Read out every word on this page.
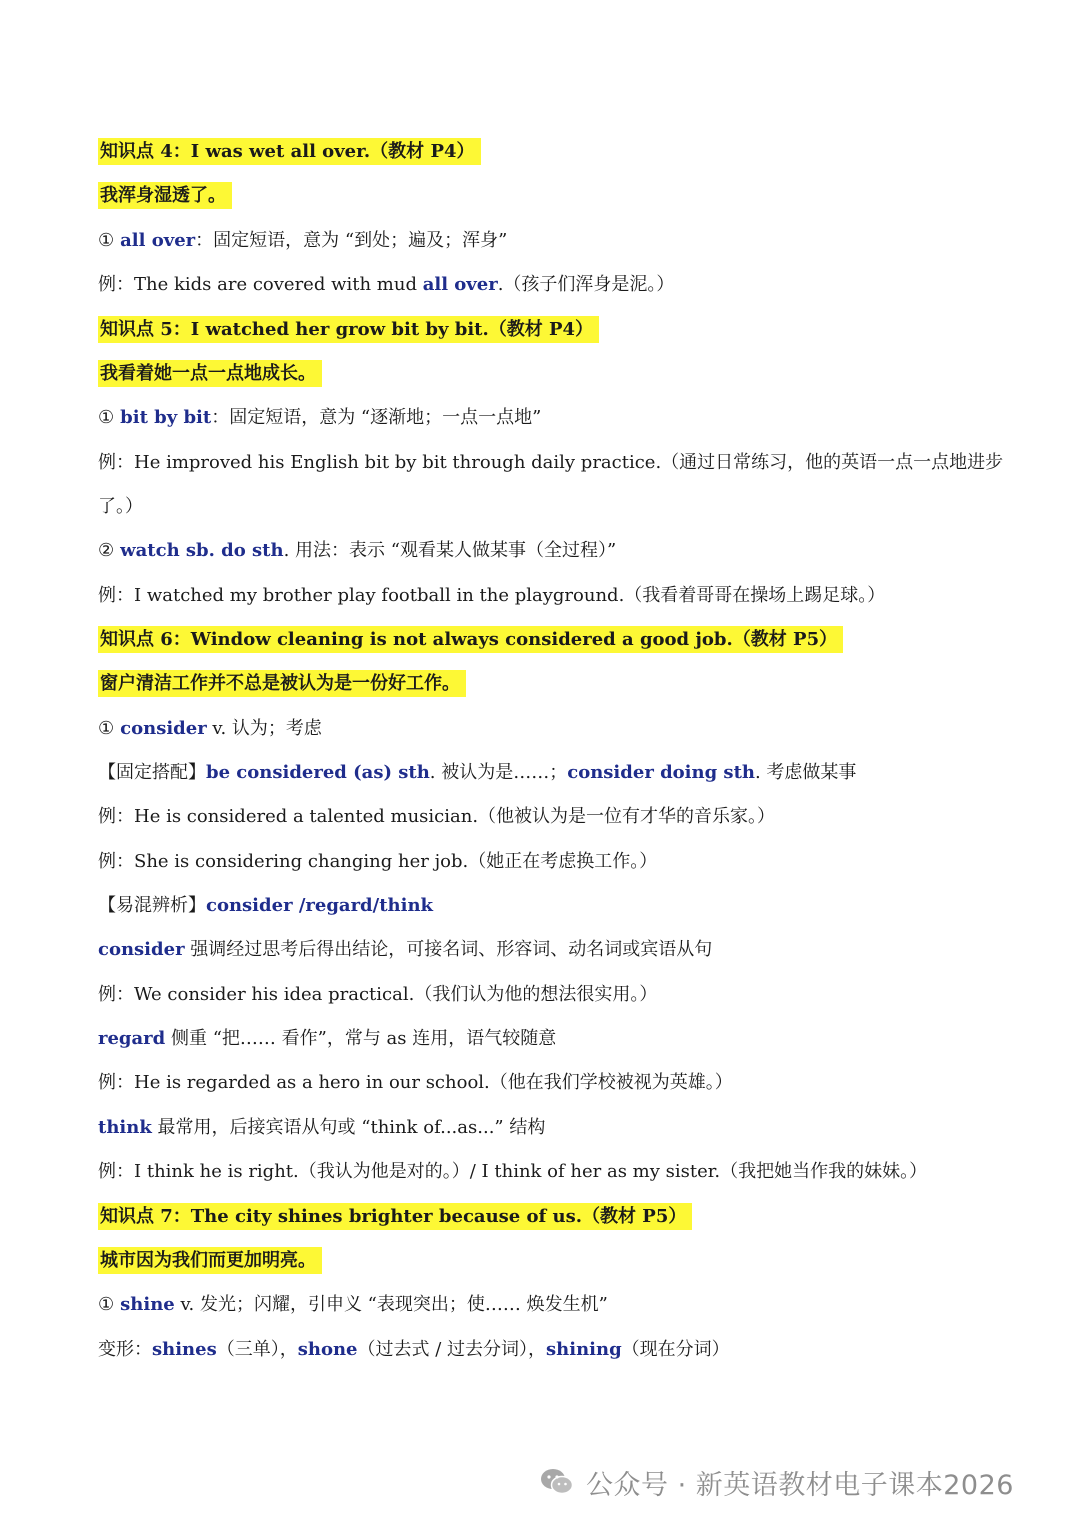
知识点 4：I was wet all over.（教材 P4）
我浑身湿透了。
① all over：固定短语，意为 “到处；遍及；浑身”
例：The kids are covered with mud all over.（孩子们浑身是泥。）
知识点 5：I watched her grow bit by bit.（教材 P4）
我看着她一点一点地成长。
① bit by bit：固定短语，意为 “逐渐地；一点一点地”
例：He improved his English bit by bit through daily practice.（通过日常练习，他的英语一点一点地进步
了。）
② watch sb. do sth. 用法：表示 “观看某人做某事（全过程）”
例：I watched my brother play football in the playground.（我看着哥哥在操场上踢足球。）
知识点 6：Window cleaning is not always considered a good job.（教材 P5）
窗户清洁工作并不总是被认为是一份好工作。
① consider v. 认为；考虑
【固定搭配】be considered (as) sth. 被认为是……；consider doing sth. 考虑做某事
例：He is considered a talented musician.（他被认为是一位有才华的音乐家。）
例：She is considering changing her job.（她正在考虑换工作。）
【易混辨析】consider /regard/think
consider 强调经过思考后得出结论，可接名词、形容词、动名词或宾语从句
例：We consider his idea practical.（我们认为他的想法很实用。）
regard 侧重 “把…… 看作”，常与 as 连用，语气较随意
例：He is regarded as a hero in our school.（他在我们学校被视为英雄。）
think 最常用，后接宾语从句或 “think of...as...” 结构
例：I think he is right.（我认为他是对的。）/ I think of her as my sister.（我把她当作我的妹妹。）
知识点 7：The city shines brighter because of us.（教材 P5）
城市因为我们而更加明亮。
① shine v. 发光；闪耀，引申义 “表现突出；使…… 焕发生机”
变形：shines（三单），shone（过去式 / 过去分词），shining（现在分词）
公众号 · 新英语教材电子课本2026
